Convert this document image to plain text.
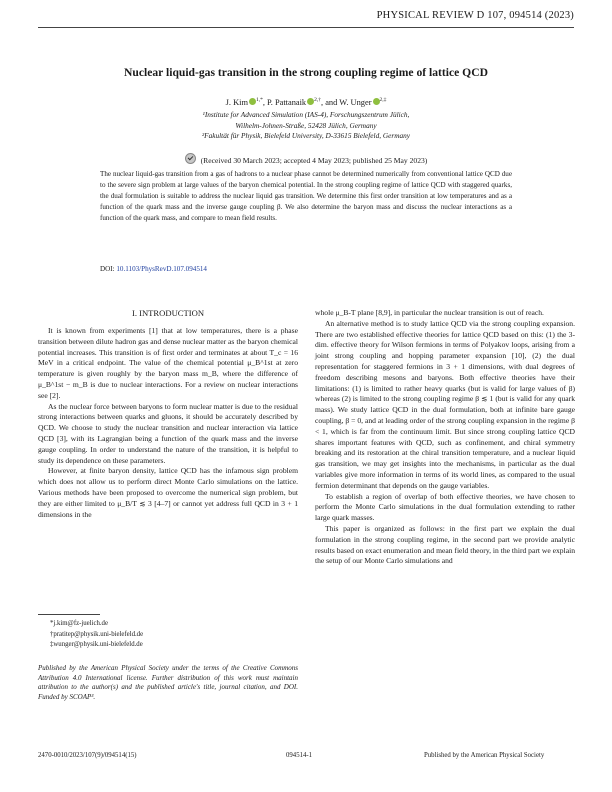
PHYSICAL REVIEW D 107, 094514 (2023)
Nuclear liquid-gas transition in the strong coupling regime of lattice QCD
J. Kim $^{1,*}$, P. Pattanaik $^{2,\dagger}$, and W. Unger $^{2,\ddagger}$
¹Institute for Advanced Simulation (IAS-4), Forschungszentrum Jülich,
Wilhelm-Johnen-Straße, 52428 Jülich, Germany
²Fakultät für Physik, Bielefeld University, D-33615 Bielefeld, Germany
(Received 30 March 2023; accepted 4 May 2023; published 25 May 2023)
The nuclear liquid-gas transition from a gas of hadrons to a nuclear phase cannot be determined numerically from conventional lattice QCD due to the severe sign problem at large values of the baryon chemical potential. In the strong coupling regime of lattice QCD with staggered quarks, the dual formulation is suitable to address the nuclear liquid gas transition. We determine this first order transition at low temperatures and as a function of the quark mass and the inverse gauge coupling β. We also determine the baryon mass and discuss the nuclear interactions as a function of the quark mass, and compare to mean field results.
DOI: 10.1103/PhysRevD.107.094514
I. INTRODUCTION

It is known from experiments [1] that at low temperatures, there is a phase transition between dilute hadron gas and dense nuclear matter as the baryon chemical potential increases. This transition is of first order and terminates at about T_c = 16 MeV in a critical endpoint. The value of the chemical potential μ_B^1st at zero temperature is given roughly by the baryon mass m_B, where the difference of μ_B^1st − m_B is due to nuclear interactions. For a review on nuclear interactions see [2].

As the nuclear force between baryons to form nuclear matter is due to the residual strong interactions between quarks and gluons, it should be accurately described by QCD. We choose to study the nuclear transition and nuclear interaction via lattice QCD [3], with its Lagrangian being a function of the quark mass and the inverse gauge coupling. In order to understand the nature of the transition, it is helpful to study its dependence on these parameters.

However, at finite baryon density, lattice QCD has the infamous sign problem which does not allow us to perform direct Monte Carlo simulations on the lattice. Various methods have been proposed to overcome the numerical sign problem, but they are either limited to μ_B/T ≲ 3 [4–7] or cannot yet address full QCD in 3 + 1 dimensions in the

whole μ_B-T plane [8,9], in particular the nuclear transition is out of reach.

An alternative method is to study lattice QCD via the strong coupling expansion. There are two established effective theories for lattice QCD based on this: (1) the 3-dim. effective theory for Wilson fermions in terms of Polyakov loops, arising from a joint strong coupling and hopping parameter expansion [10], (2) the dual representation for staggered fermions in 3 + 1 dimensions, with dual degrees of freedom describing mesons and baryons. Both effective theories have their limitations: (1) is limited to rather heavy quarks (but is valid for large values of β) whereas (2) is limited to the strong coupling regime β ≲ 1 (but is valid for any quark mass). We study lattice QCD in the dual formulation, both at infinite bare gauge coupling, β = 0, and at leading order of the strong coupling expansion in the regime β < 1, which is far from the continuum limit. But since strong coupling lattice QCD shares important features with QCD, such as confinement, and chiral symmetry breaking and its restoration at the chiral transition temperature, and a nuclear liquid gas transition, we may get insights into the mechanisms, in particular as the dual variables give more information in terms of its world lines, as compared to the usual fermion determinant that depends on the gauge variables.

To establish a region of overlap of both effective theories, we have chosen to perform the Monte Carlo simulations in the dual formulation extending to rather large quark masses.

This paper is organized as follows: in the first part we explain the dual formulation in the strong coupling regime, in the second part we provide analytic results based on exact enumeration and mean field theory, in the third part we explain the setup of our Monte Carlo simulations and

*j.kim@fz-juelich.de
†pratitep@physik.uni-bielefeld.de
‡wunger@physik.uni-bielefeld.de
Published by the American Physical Society under the terms of the Creative Commons Attribution 4.0 International license. Further distribution of this work must maintain attribution to the author(s) and the published article's title, journal citation, and DOI. Funded by SCOAP³.
2470-0010/2023/107(9)/094514(15)	094514-1	Published by the American Physical Society
